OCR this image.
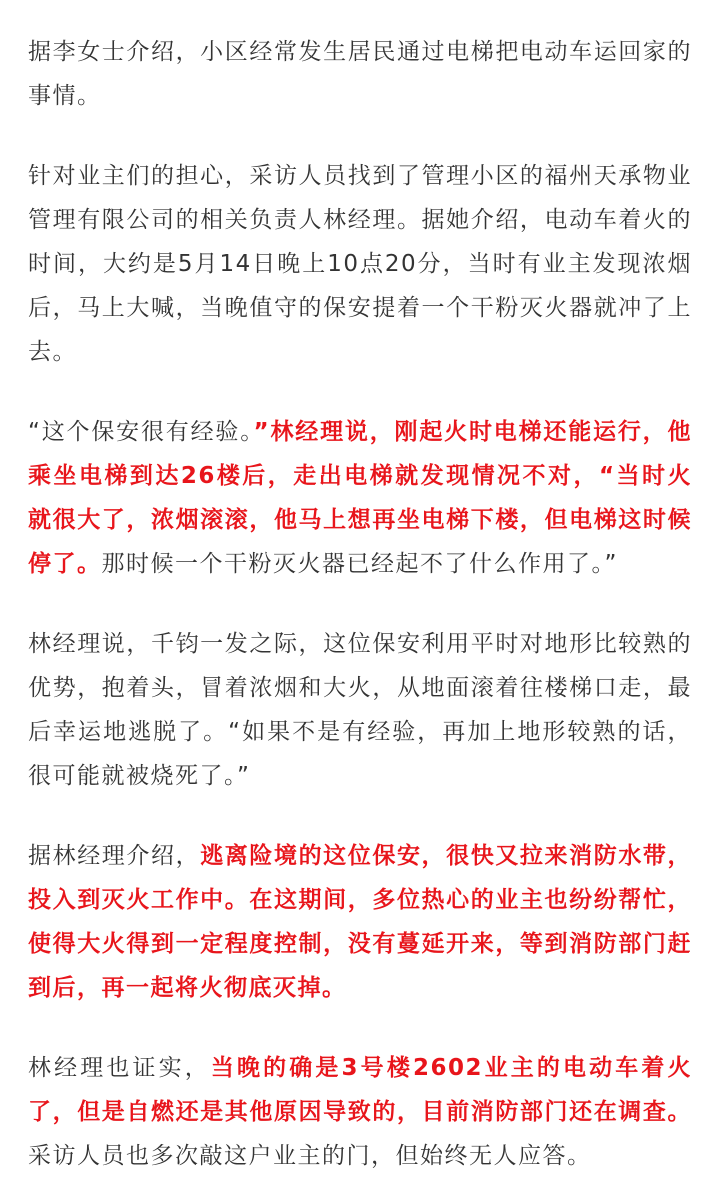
据李女士介绍，小区经常发生居民通过电梯把电动车运回家的事情。

针对业主们的担心，采访人员找到了管理小区的福州天承物业管理有限公司的相关负责人林经理。据她介绍，电动车着火的时间，大约是5月14日晚上10点20分，当时有业主发现浓烟后，马上大喊，当晚值守的保安提着一个干粉灭火器就冲了上去。

“这个保安很有经验。”林经理说，刚起火时电梯还能运行，他乘坐电梯到达26楼后，走出电梯就发现情况不对，“当时火就很大了，浓烟滚滚，他马上想再坐电梯下楼，但电梯这时候停了。那时候一个干粉灭火器已经起不了什么作用了。”

林经理说，千钧一发之际，这位保安利用平时对地形比较熟的优势，抱着头，冒着浓烟和大火，从地面滚着往楼梯口走，最后幸运地逃脱了。“如果不是有经验，再加上地形较熟的话，很可能就被烧死了。”

据林经理介绍，逃离险境的这位保安，很快又拉来消防水带，投入到灭火工作中。在这期间，多位热心的业主也纷纷帮忙，使得大火得到一定程度控制，没有蔓延开来，等到消防部门赶到后，再一起将火彻底灭掉。

林经理也证实，当晚的确是3号楼2602业主的电动车着火了，但是自燃还是其他原因导致的，目前消防部门还在调查。采访人员也多次敲这户业主的门，但始终无人应答。
